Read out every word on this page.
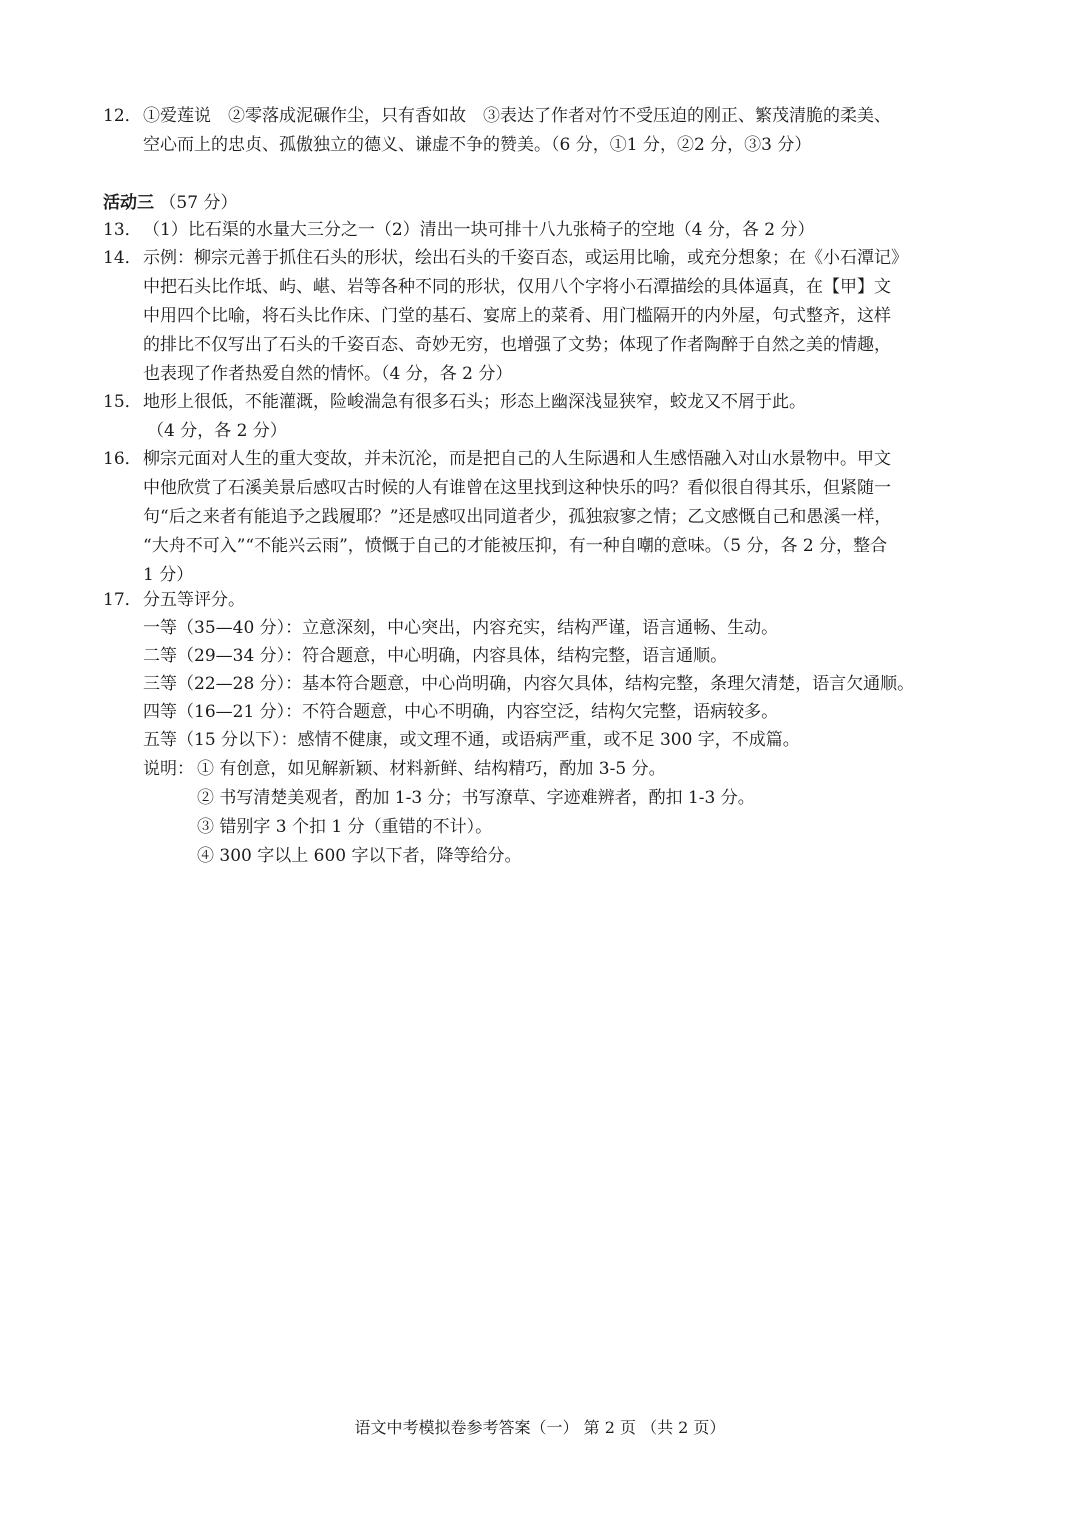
12． ①爱莲说　②零落成泥碾作尘，只有香如故　③表达了作者对竹不受压迫的刚正、繁茂清脆的柔美、
空心而上的忠贞、孤傲独立的德义、谦虚不争的赞美。（6 分，①1 分，②2 分，③3 分）
活动三 （57 分）
13． （1）比石渠的水量大三分之一（2）清出一块可排十八九张椅子的空地（4 分，各 2 分）
14． 示例：柳宗元善于抓住石头的形状，绘出石头的千姿百态，或运用比喻，或充分想象；在《小石潭记》
中把石头比作坻、屿、嵁、岩等各种不同的形状，仅用八个字将小石潭描绘的具体逼真，在【甲】文
中用四个比喻，将石头比作床、门堂的基石、宴席上的菜肴、用门槛隔开的内外屋，句式整齐，这样
的排比不仅写出了石头的千姿百态、奇妙无穷，也增强了文势；体现了作者陶醉于自然之美的情趣，
也表现了作者热爱自然的情怀。（4 分，各 2 分）
15． 地形上很低，不能灌溉，险峻湍急有很多石头；形态上幽深浅显狭窄，蛟龙又不屑于此。
（4 分，各 2 分）
16． 柳宗元面对人生的重大变故，并未沉沦，而是把自己的人生际遇和人生感悟融入对山水景物中。甲文
中他欣赏了石溪美景后感叹古时候的人有谁曾在这里找到这种快乐的吗？看似很自得其乐，但紧随一
句“后之来者有能追予之践履耶？”还是感叹出同道者少，孤独寂寥之情；乙文感慨自己和愚溪一样，
“大舟不可入”“不能兴云雨”，愤慨于自己的才能被压抑，有一种自嘲的意味。（5 分，各 2 分，整合
1 分）
17． 分五等评分。
一等（35—40 分）：立意深刻，中心突出，内容充实，结构严谨，语言通畅、生动。
二等（29—34 分）：符合题意，中心明确，内容具体，结构完整，语言通顺。
三等（22—28 分）：基本符合题意，中心尚明确，内容欠具体，结构完整，条理欠清楚，语言欠通顺。
四等（16—21 分）：不符合题意，中心不明确，内容空泛，结构欠完整，语病较多。
五等（15 分以下）：感情不健康，或文理不通，或语病严重，或不足 300 字，不成篇。
说明： ① 有创意，如见解新颖、材料新鲜、结构精巧，酌加 3-5 分。
② 书写清楚美观者，酌加 1-3 分；书写潦草、字迹难辨者，酌扣 1-3 分。
③ 错别字 3 个扣 1 分（重错的不计）。
④ 300 字以上 600 字以下者，降等给分。
语文中考模拟卷参考答案（一） 第 2 页 （共 2 页）
